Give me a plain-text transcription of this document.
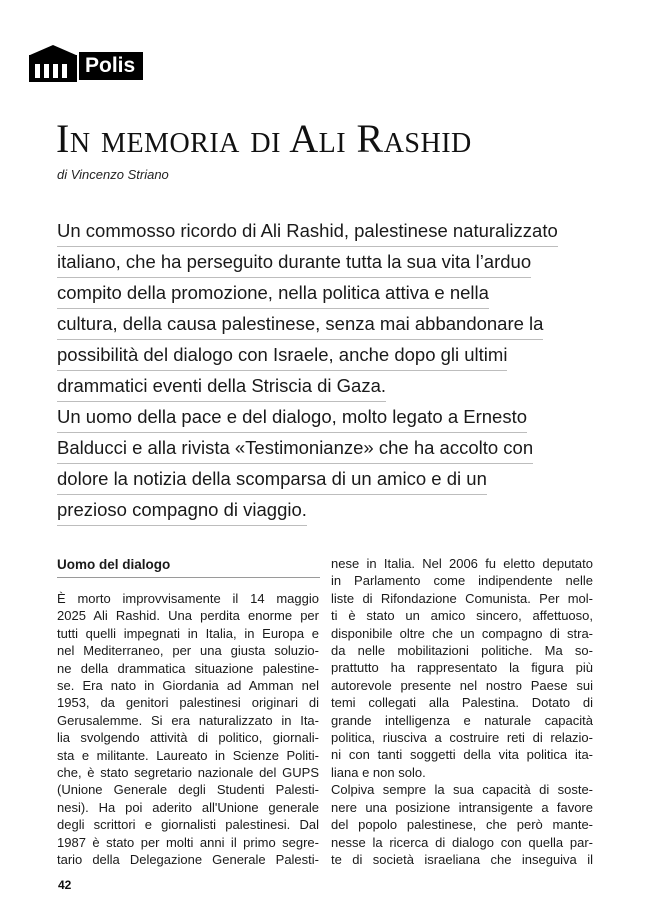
Polis
In memoria di Ali Rashid
di Vincenzo Striano
Un commosso ricordo di Ali Rashid, palestinese naturalizzato
italiano, che ha perseguito durante tutta la sua vita l’arduo
compito della promozione, nella politica attiva e nella
cultura, della causa palestinese, senza mai abbandonare la
possibilità del dialogo con Israele, anche dopo gli ultimi
drammatici eventi della Striscia di Gaza.
Un uomo della pace e del dialogo, molto legato a Ernesto
Balducci e alla rivista «Testimonianze» che ha accolto con
dolore la notizia della scomparsa di un amico e di un
prezioso compagno di viaggio.
Uomo del dialogo
È morto improvvisamente il 14 maggio
2025 Ali Rashid. Una perdita enorme per
tutti quelli impegnati in Italia, in Europa e
nel Mediterraneo, per una giusta soluzio-
ne della drammatica situazione palestine-
se. Era nato in Giordania ad Amman nel
1953, da genitori palestinesi originari di
Gerusalemme. Si era naturalizzato in Ita-
lia svolgendo attività di politico, giornali-
sta e militante. Laureato in Scienze Politi-
che, è stato segretario nazionale del GUPS
(Unione Generale degli Studenti Palesti-
nesi). Ha poi aderito all'Unione generale
degli scrittori e giornalisti palestinesi. Dal
1987 è stato per molti anni il primo segre-
tario della Delegazione Generale Palesti-
nese in Italia. Nel 2006 fu eletto deputato
in Parlamento come indipendente nelle
liste di Rifondazione Comunista. Per mol-
ti è stato un amico sincero, affettuoso,
disponibile oltre che un compagno di stra-
da nelle mobilitazioni politiche. Ma so-
prattutto ha rappresentato la figura più
autorevole presente nel nostro Paese sui
temi collegati alla Palestina. Dotato di
grande intelligenza e naturale capacità
politica, riusciva a costruire reti di relazio-
ni con tanti soggetti della vita politica ita-
liana e non solo.
Colpiva sempre la sua capacità di soste-
nere una posizione intransigente a favore
del popolo palestinese, che però mante-
nesse la ricerca di dialogo con quella par-
te di società israeliana che inseguiva il
42
